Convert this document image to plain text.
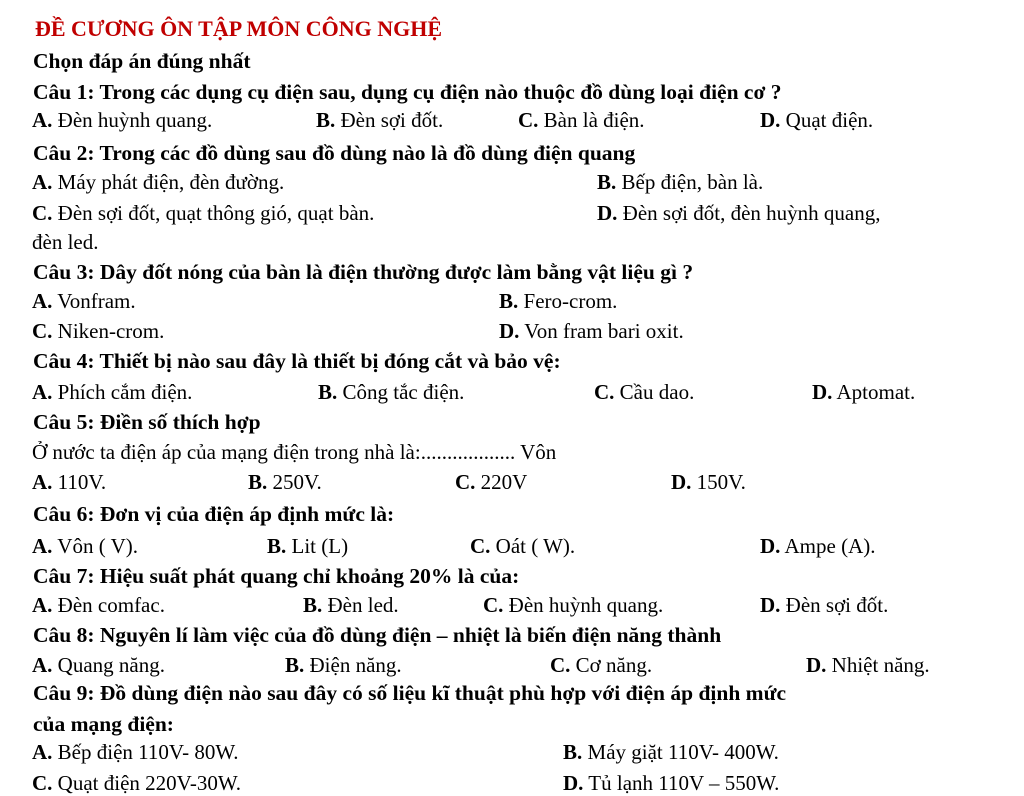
ĐỀ CƯƠNG ÔN TẬP MÔN CÔNG NGHỆ
Chọn đáp án đúng nhất
Câu 1: Trong các dụng cụ điện sau, dụng cụ điện nào thuộc đồ dùng loại điện cơ ?
A. Đèn huỳnh quang.	B. Đèn sợi đốt.	C. Bàn là điện.	D. Quạt điện.
Câu 2: Trong các đồ dùng sau đồ dùng nào là đồ dùng điện quang
A. Máy phát điện, đèn đường.	B. Bếp điện, bàn là.
C. Đèn sợi đốt, quạt thông gió, quạt bàn.	D. Đèn sợi đốt, đèn huỳnh quang,
đèn led.
Câu 3: Dây đốt nóng của bàn là điện thường được làm bằng vật liệu gì ?
A. Vonfram.	B. Fero-crom.
C. Niken-crom.	D. Von fram bari oxit.
Câu 4: Thiết bị nào sau đây là thiết bị đóng cắt và bảo vệ:
A. Phích cắm điện.	B. Công tắc điện.	C. Cầu dao.	D. Aptomat.
Câu 5: Điền số thích hợp
Ở nước ta điện áp của mạng điện trong nhà là:.................. Vôn
A. 110V.	B. 250V.	C. 220V	D. 150V.
Câu 6: Đơn vị của điện áp định mức là:
A. Vôn ( V).	B. Lit (L)	C. Oát ( W).	D. Ampe (A).
Câu 7: Hiệu suất phát quang chỉ khoảng 20% là của:
A. Đèn comfac.	B. Đèn led.	C. Đèn huỳnh quang.	D. Đèn sợi đốt.
Câu 8: Nguyên lí làm việc của đồ dùng điện – nhiệt là biến điện năng thành
A. Quang năng.	B. Điện năng.	C. Cơ năng.	D. Nhiệt năng.
Câu 9: Đồ dùng điện nào sau đây có số liệu kĩ thuật phù hợp với điện áp định mức
của mạng điện:
A. Bếp điện 110V- 80W.	B. Máy giặt 110V- 400W.
C. Quạt điện 220V-30W.	D. Tủ lạnh 110V – 550W.
